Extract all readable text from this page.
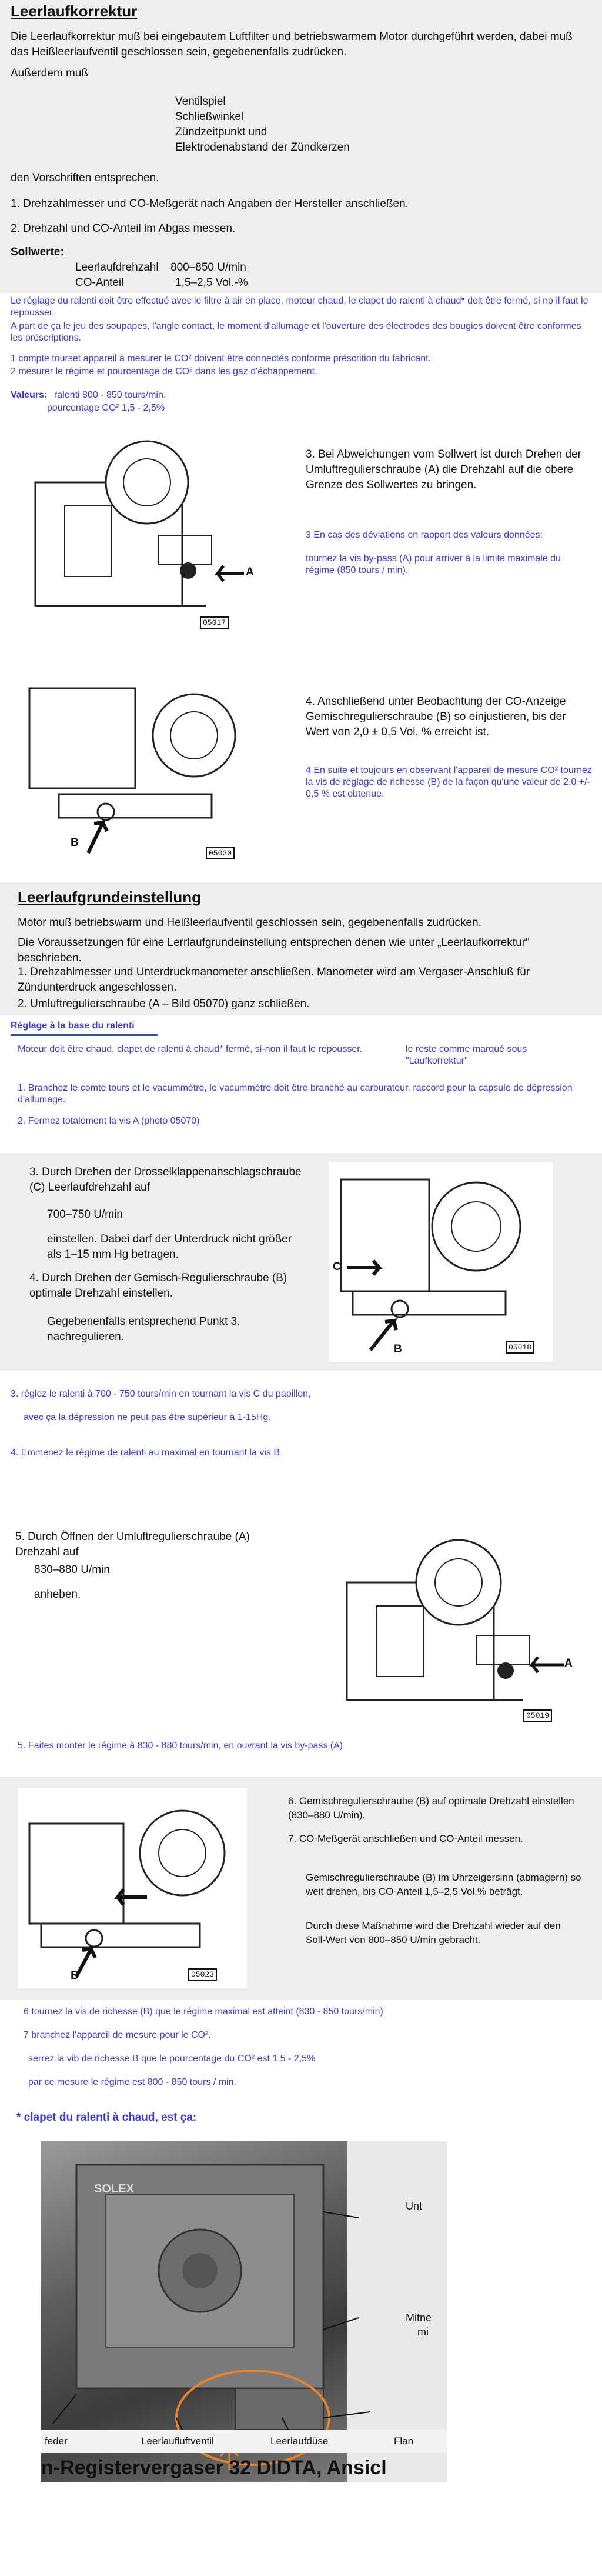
Leerlaufkorrektur
Die Leerlaufkorrektur muß bei eingebautem Luftfilter und betriebswarmem Motor durchgeführt werden, dabei muß das Heißleerlaufventil geschlossen sein, gegebenenfalls zudrücken.
Außerdem muß
Ventilspiel
Schließwinkel
Zündzeitpunkt und
Elektrodenabstand der Zündkerzen
den Vorschriften entsprechen.
1. Drehzahlmesser und CO-Meßgerät nach Angaben der Hersteller anschließen.
2. Drehzahl und CO-Anteil im Abgas messen.
Sollwerte:
Leerlaufdrehzahl 800–850 U/min
CO-Anteil	1,5–2,5 Vol.-%
Le réglage du ralenti doit être effectué avec le filtre à air en place, moteur chaud, le clapet de ralenti à chaud* doit être fermé, si no il faut le repousser.
A part de ça le jeu des soupapes, l'angle contact, le moment d'allumage et l'ouverture des électrodes des bougies doivent être conformes les préscriptions.
1 compte tourset appareil à mesurer le CO² doivent être connectés conforme préscrition du fabricant.
2 mesurer le régime et pourcentage de CO² dans les gaz d'échappement.
Valeurs: ralenti 800 - 850 tours/min.
pourcentage CO² 1,5 - 2,5%
A
05017
3. Bei Abweichungen vom Sollwert ist durch Drehen der Umluftregulierschraube (A) die Drehzahl auf die obere Grenze des Sollwertes zu bringen.
3 En cas des déviations en rapport des valeurs données:
tournez la vis by-pass (A) pour arriver à la limite maximale du régime (850 tours / min).
B
05020
4. Anschließend unter Beobachtung der CO-Anzeige Gemischregulierschraube (B) so einjustieren, bis der Wert von 2,0 ± 0,5 Vol. % erreicht ist.
4 En suite et toujours en observant l'appareil de mesure CO² tournez la vis de réglage de richesse (B) de la façon qu'une valeur de 2.0 +/- 0,5 % est obtenue.
Leerlaufgrundeinstellung
Motor muß betriebswarm und Heißleerlaufventil geschlossen sein, gegebenenfalls zudrücken.
Die Voraussetzungen für eine Lerrlaufgrundeinstellung entsprechen denen wie unter „Leerlaufkorrektur" beschrieben.
1. Drehzahlmesser und Unterdruckmanometer anschließen. Manometer wird am Vergaser-Anschluß für Zündunterdruck angeschlossen.
2. Umluftregulierschraube (A – Bild 05070) ganz schließen.
Réglage à la base du ralenti
Moteur doit être chaud, clapet de ralenti à chaud* fermé, si-non il faut le repousser.	le reste comme marqué sous "Laufkorrektur"
1. Branchez le comte tours et le vacummètre, le vacummètre doit être branché au carburateur, raccord pour la capsule de dépression d'allumage.
2. Fermez totalement la vis A (photo 05070)
3. Durch Drehen der Drosselklappenanschlagschraube (C) Leerlaufdrehzahl auf
700–750 U/min
einstellen. Dabei darf der Unterdruck nicht größer als 1–15 mm Hg betragen.
4. Durch Drehen der Gemisch-Regulierschraube (B) optimale Drehzahl einstellen.
Gegebenenfalls entsprechend Punkt 3. nachregulieren.
C
B	05018
3. réglez le ralenti à 700 - 750 tours/min en tournant la vis C du papillon,
avec ça la dépression ne peut pas être supérieur à 1-15Hg.
4. Emmenez le régime de ralenti au maximal en tournant la vis B
5. Durch Öffnen der Umluftregulierschraube (A) Drehzahl auf
830–880 U/min
anheben.
A
05019
5. Faites monter le régime à 830 - 880 tours/min, en ouvrant la vis by-pass (A)
B	05023
6. Gemischregulierschraube (B) auf optimale Drehzahl einstellen (830–880 U/min).
7. CO-Meßgerät anschließen und CO-Anteil messen.
Gemischregulierschraube (B) im Uhrzeigersinn (abmagern) so weit drehen, bis CO-Anteil 1,5–2,5 Vol.% beträgt.
Durch diese Maßnahme wird die Drehzahl wieder auf den Soll-Wert von 800–850 U/min gebracht.
6 tournez la vis de richesse (B) que le régime maximal est atteint (830 - 850 tours/min)
7 branchez l'appareil de mesure pour le CO².
serrez la vib de richesse B que le pourcentage du CO² est 1,5 - 2,5%
par ce mesure le régime est 800 - 850 tours / min.
* clapet du ralenti à chaud, est ça:
SOLEX
Unt
Mitne
mi
feder	Leerlaufluftventil	Leerlaufdüse	Flan
n-Registervergaser 32 DIDTA, Ansicl
